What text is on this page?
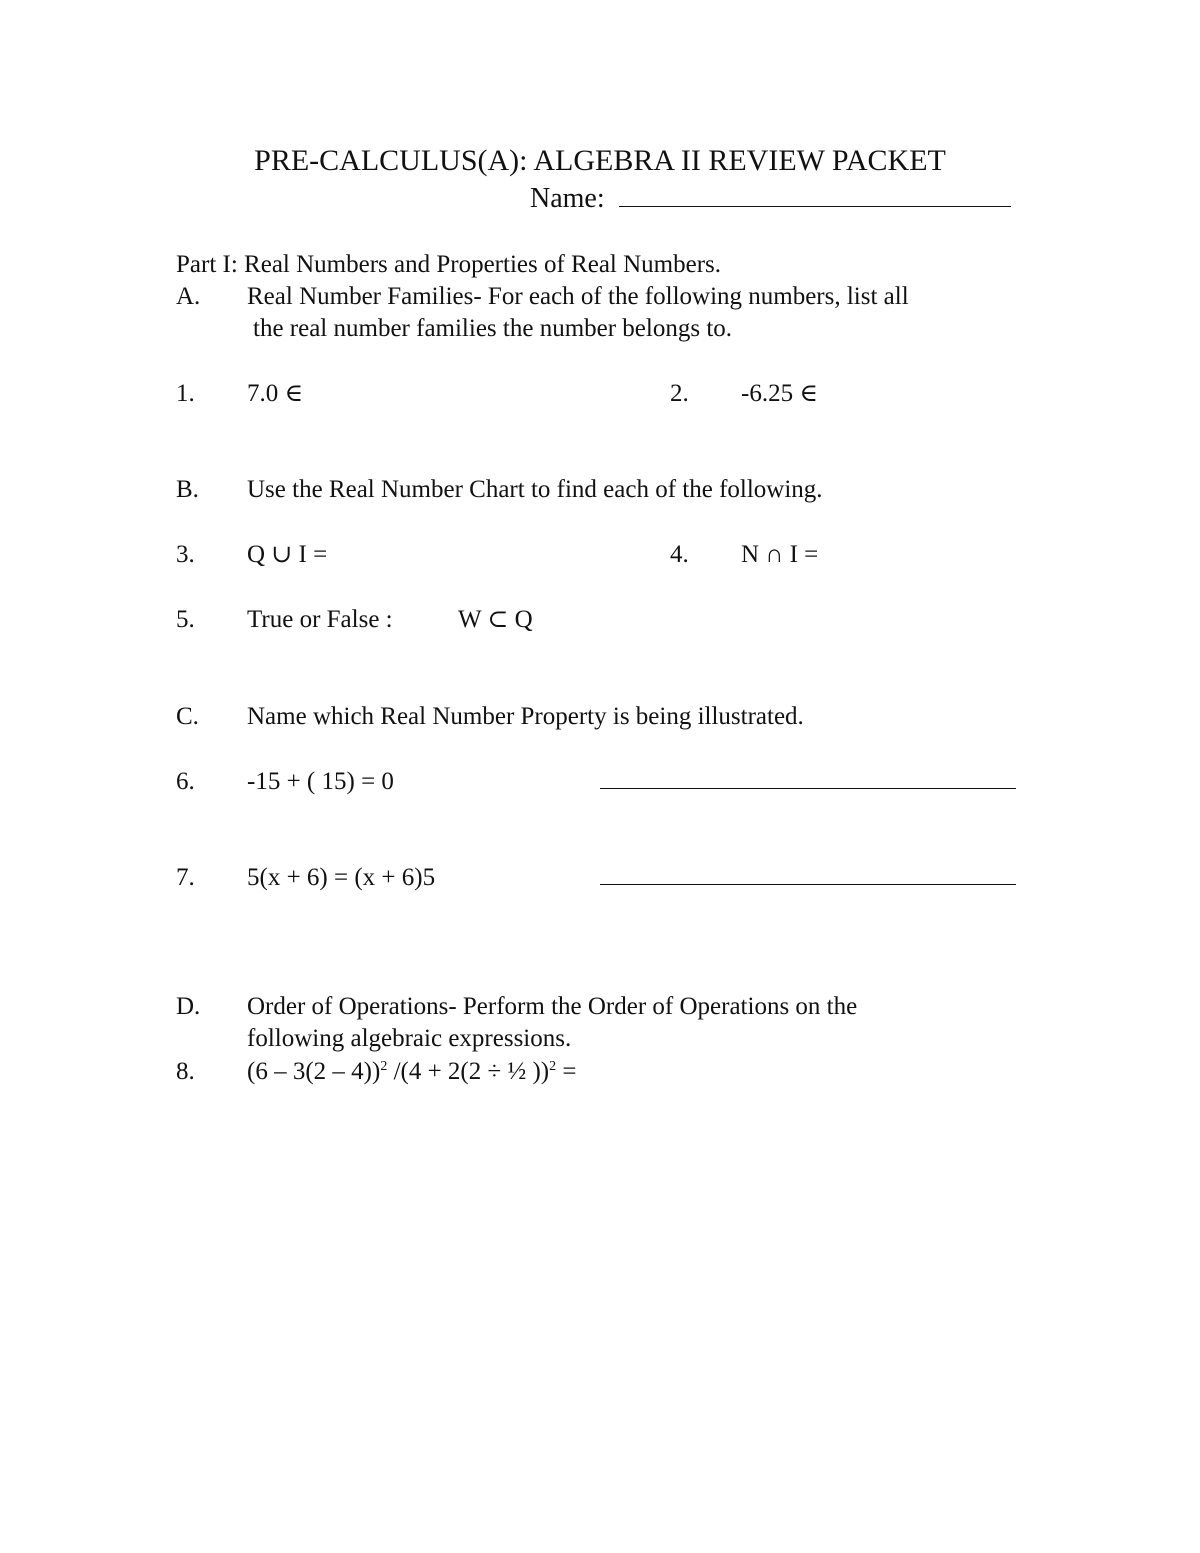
PRE-CALCULUS(A): ALGEBRA II REVIEW PACKET
Name:
Part I: Real Numbers and Properties of Real Numbers.
A. Real Number Families- For each of the following numbers, list all
the real number families the number belongs to.
1. 7.0 ∈	2. -6.25 ∈
B. Use the Real Number Chart to find each of the following.
3. Q ∪ I =	4. N ∩ I =
5. True or False :	W ⊂ Q
C. Name which Real Number Property is being illustrated.
6. -15 + ( 15) = 0
7. 5(x + 6) = (x + 6)5
D. Order of Operations- Perform the Order of Operations on the
following algebraic expressions.
8. (6 – 3(2 – 4))$^2$ /(4 + 2(2 ÷ ½ ))$^2$ =
